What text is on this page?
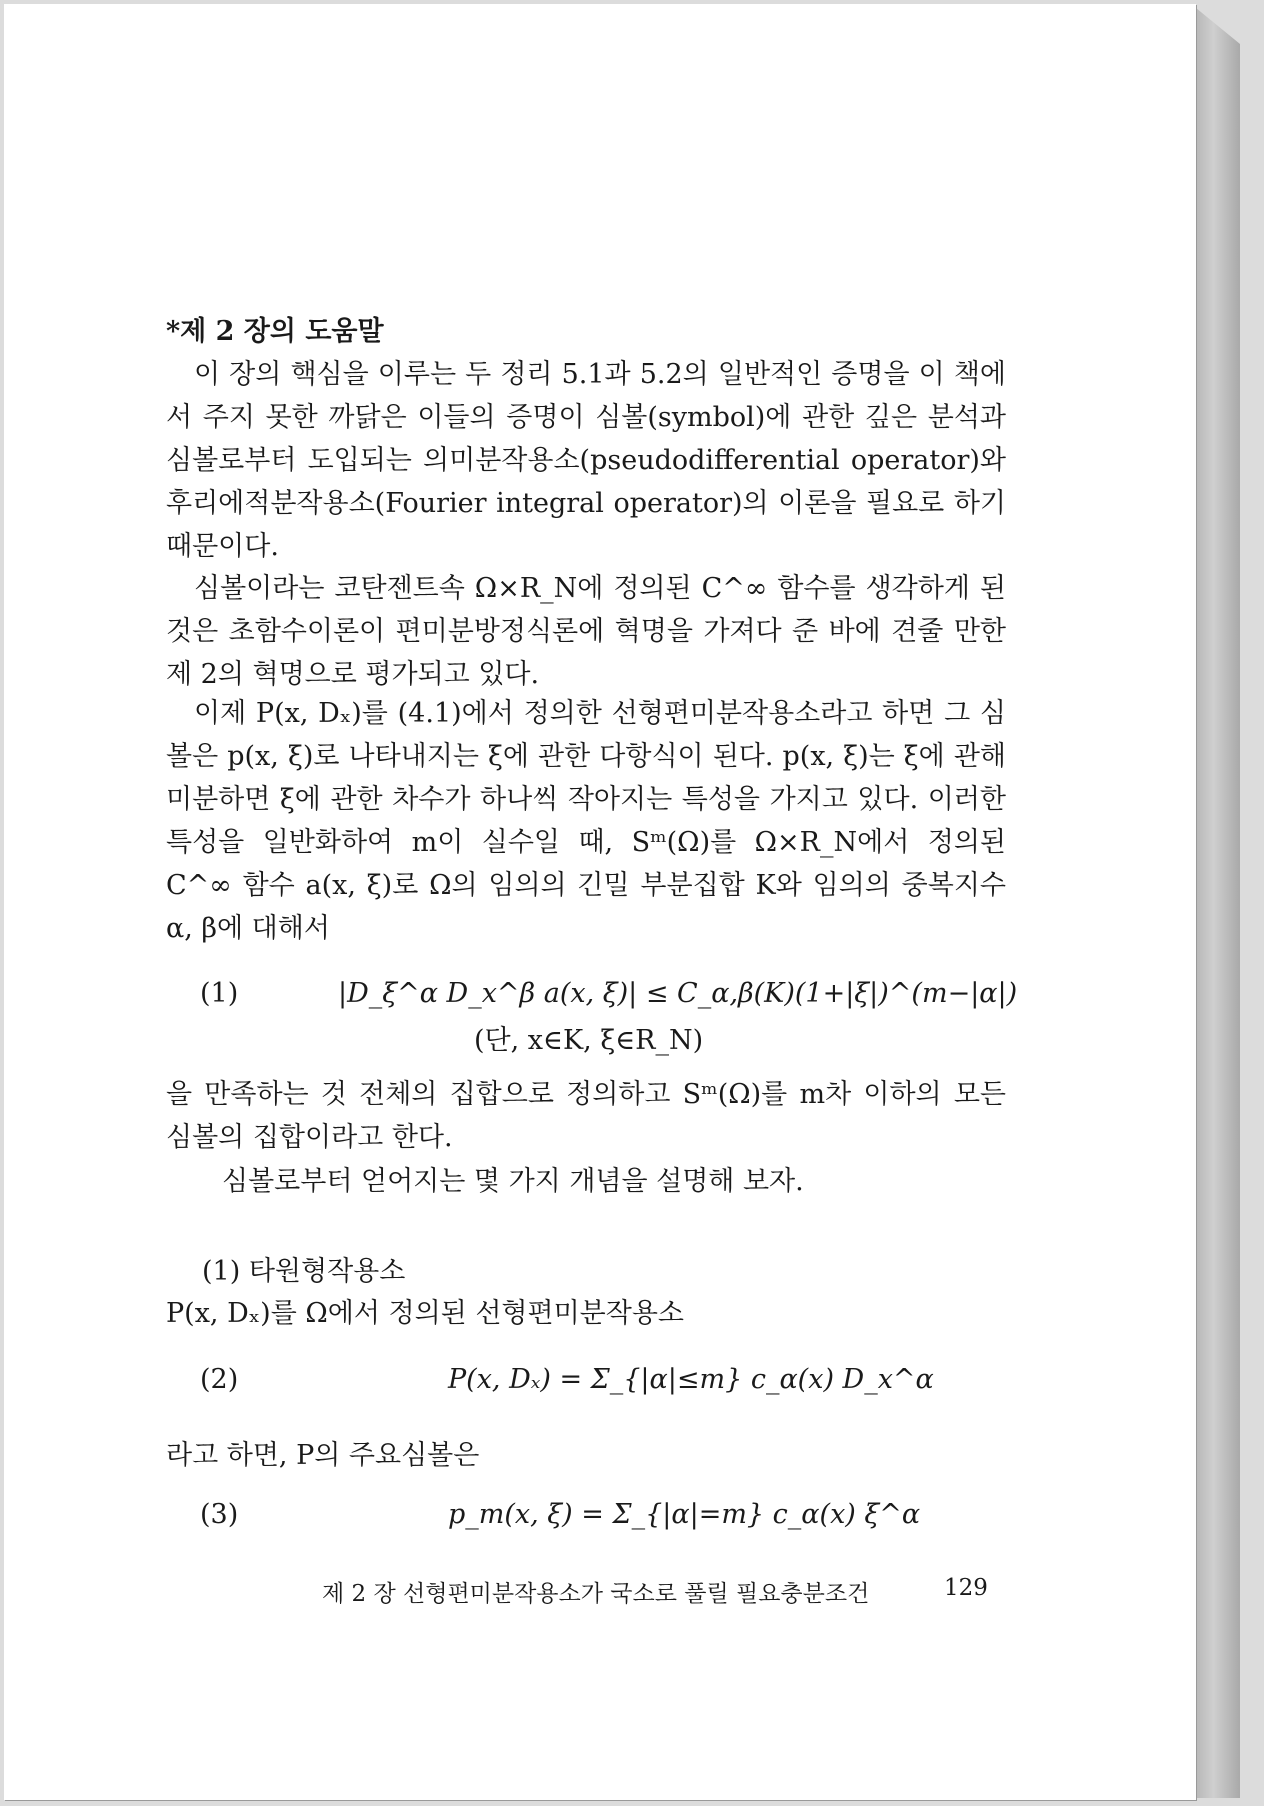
*제 2 장의 도움말
이 장의 핵심을 이루는 두 정리 5.1과 5.2의 일반적인 증명을 이 책에서 주지 못한 까닭은 이들의 증명이 심볼(symbol)에 관한 깊은 분석과 심볼로부터 도입되는 의미분작용소(pseudodifferential operator)와 후리에적분작용소(Fourier integral operator)의 이론을 필요로 하기 때문이다.
심볼이라는 코탄젠트속 Ω×R_N에 정의된 C^∞ 함수를 생각하게 된 것은 초함수이론이 편미분방정식론에 혁명을 가져다 준 바에 견줄 만한 제 2의 혁명으로 평가되고 있다.
이제 P(x, Dₓ)를 (4.1)에서 정의한 선형편미분작용소라고 하면 그 심볼은 p(x, ξ)로 나타내지는 ξ에 관한 다항식이 된다. p(x, ξ)는 ξ에 관해 미분하면 ξ에 관한 차수가 하나씩 작아지는 특성을 가지고 있다. 이러한 특성을 일반화하여 m이 실수일 때, Sᵐ(Ω)를 Ω×R_N에서 정의된 C^∞ 함수 a(x, ξ)로 Ω의 임의의 긴밀 부분집합 K와 임의의 중복지수 α, β에 대해서
(1)	|D_ξ^α D_x^β a(x, ξ)| ≤ C_α,β(K)(1+|ξ|)^(m−|α|)
(단, x∈K, ξ∈R_N)
을 만족하는 것 전체의 집합으로 정의하고 Sᵐ(Ω)를 m차 이하의 모든 심볼의 집합이라고 한다.
심볼로부터 얻어지는 몇 가지 개념을 설명해 보자.
(1) 타원형작용소
P(x, Dₓ)를 Ω에서 정의된 선형편미분작용소
(2)	P(x, Dₓ) = Σ_{|α|≤m} c_α(x) D_x^α
라고 하면, P의 주요심볼은
(3)	p_m(x, ξ) = Σ_{|α|=m} c_α(x) ξ^α
제 2 장 선형편미분작용소가 국소로 풀릴 필요충분조건	129
